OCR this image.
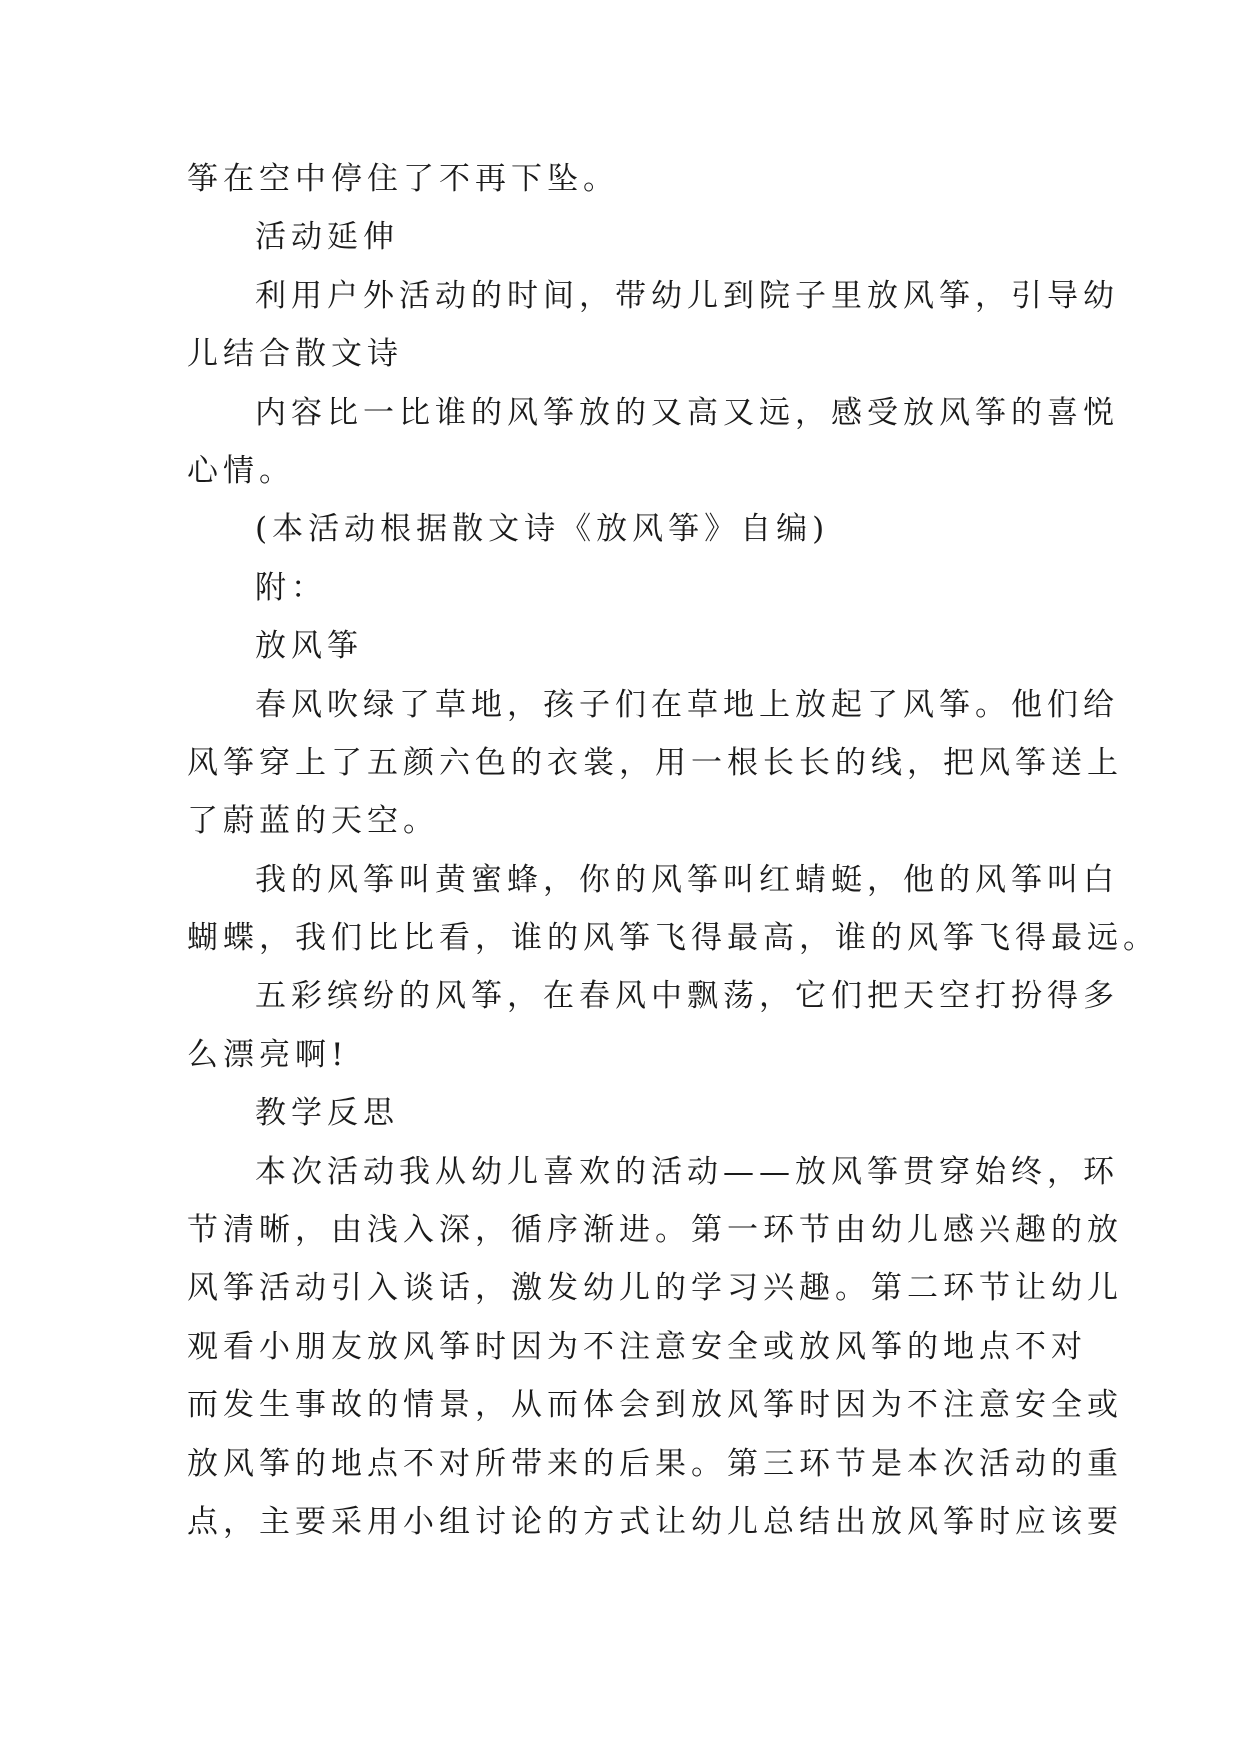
筝在空中停住了不再下坠。
活动延伸
利用户外活动的时间，带幼儿到院子里放风筝，引导幼
儿结合散文诗
内容比一比谁的风筝放的又高又远，感受放风筝的喜悦
心情。
(本活动根据散文诗《放风筝》自编)
附：
放风筝
春风吹绿了草地，孩子们在草地上放起了风筝。他们给
风筝穿上了五颜六色的衣裳，用一根长长的线，把风筝送上
了蔚蓝的天空。
我的风筝叫黄蜜蜂，你的风筝叫红蜻蜓，他的风筝叫白
蝴蝶，我们比比看，谁的风筝飞得最高，谁的风筝飞得最远。
五彩缤纷的风筝，在春风中飘荡，它们把天空打扮得多
么漂亮啊!
教学反思
本次活动我从幼儿喜欢的活动——放风筝贯穿始终，环
节清晰，由浅入深，循序渐进。第一环节由幼儿感兴趣的放
风筝活动引入谈话，激发幼儿的学习兴趣。第二环节让幼儿
观看小朋友放风筝时因为不注意安全或放风筝的地点不对
而发生事故的情景，从而体会到放风筝时因为不注意安全或
放风筝的地点不对所带来的后果。第三环节是本次活动的重
点，主要采用小组讨论的方式让幼儿总结出放风筝时应该要
